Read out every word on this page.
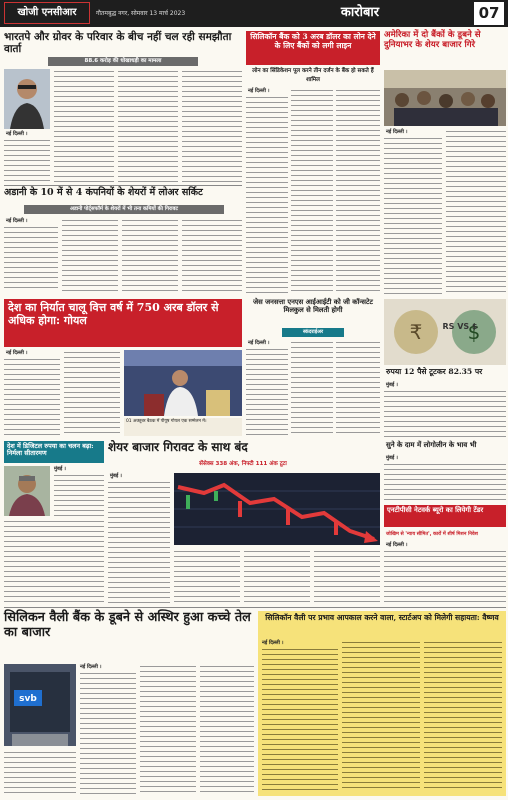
खोजी एनसीआर	गौतमबुद्ध नगर, सोमवार 13 मार्च 2023	कारोबार	07
भारतपे और ग्रोवर के परिवार के बीच नहीं चल रही समझौता वार्ता
88.6 करोड़ की धोखाधड़ी का मामला
नई दिल्ली ।
अडानी के 10 में से 4 कंपनियों के शेयरों में लोअर सर्किट
अडानी पोर्ट्सफॉर्म के शेयरों में भी तना कमियों की गिरावट
नई दिल्ली ।
सिलिकॉन बैंक को 3 अरब डॉलर का लोन देने के लिए बैंकों को लगी लाइन
लोन का सिंडिकेशन पूल करने तीन दर्जन के बैंक हो सकते हैं शामिल
नई दिल्ली ।
अमेरिका में दो बैंकों के डूबने से दुनियाभर के शेयर बाजार गिरे
नई दिल्ली ।
देश का निर्यात चालू वित्त वर्ष में 750 अरब डॉलर से अधिक होगा: गोयल
नई दिल्ली ।
01 अक्तूबर बैठक में पीयूष गोयल एक सम्मेलन में।
जेस जनसत्ता एनएस आईआईटी को जी कॉन्सटेट मिलकुल से मिलती होगी
स्कंदराईअर
नई दिल्ली ।	₹ $
RS VS $
रुपया 12 पैसे टूटकर 82.35 पर
मुंबई ।
सुने के दाम में लोगोलीन के भाव भी
मुंबई ।
देश में डिजिटल रुपया का चलन बढ़ा: निर्मला सीतारमण
मुंबई ।
शेयर बाजार गिरावट के साथ बंद
सेंसेक्स 338 अंक, निफ्टी 111 अंक टूटा
मुंबई ।
एनटीपीसी नेटवर्क ब्यूरो का लियेगी टेंडर
जोखिम से 'न्याय सीमित', कारों में शीर्ष मिशन निवेश
नई दिल्ली ।
सिलिकन वैली बैंक के डूबने से अस्थिर हुआ कच्चे तेल का बाजार
svb
नई दिल्ली ।
सिलिकॉन वैली पर प्रभाव आपकाल करने वाला, स्टार्टअप को मिलेगी सहायता: वैष्णव
नई दिल्ली ।
